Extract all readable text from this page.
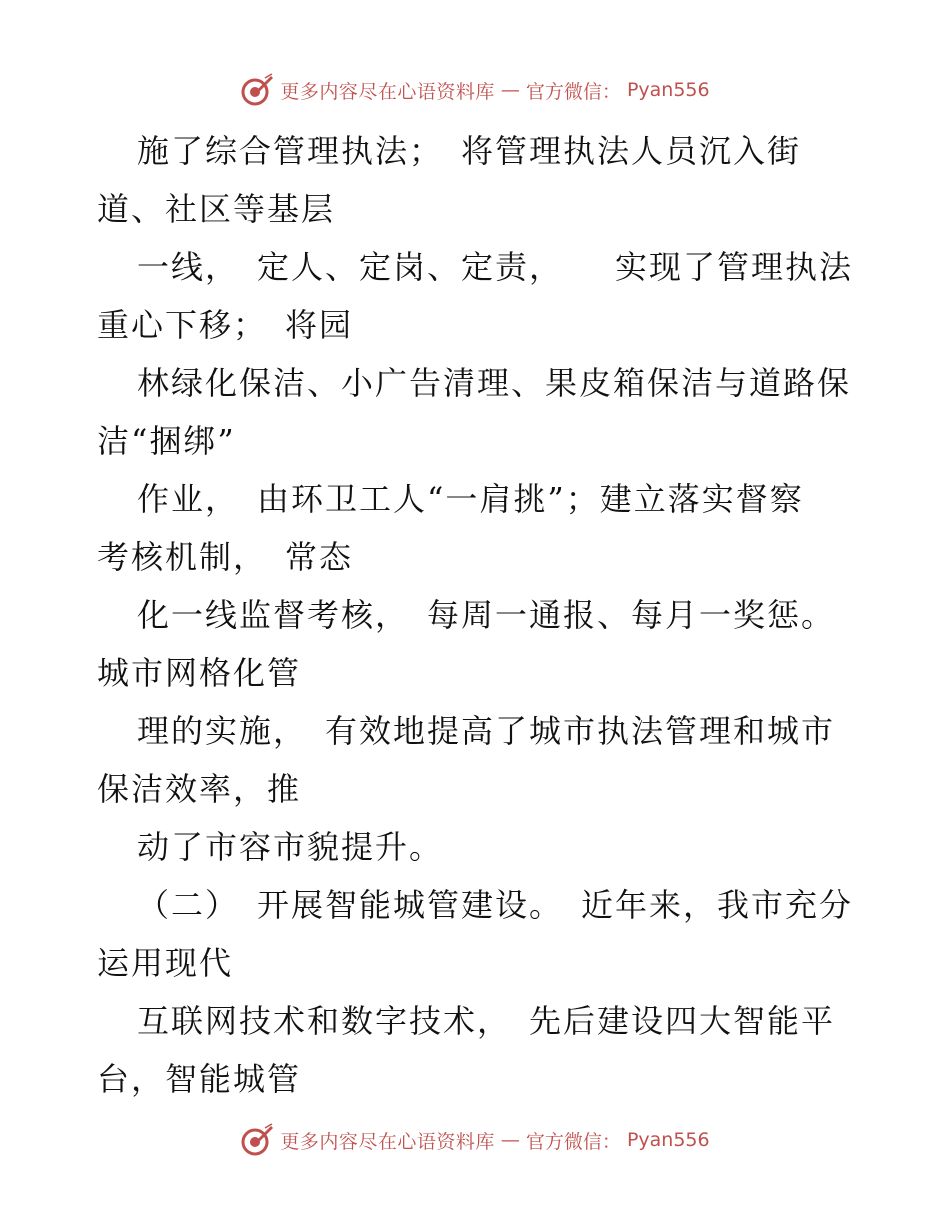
更多内容尽在心语资料库 — 官方微信： Pyan556
施了综合管理执法；　将管理执法人员沉入街
道、社区等基层
一线，　定人、定岗、定责，　　实现了管理执法
重心下移；　将园
林绿化保洁、小广告清理、果皮箱保洁与道路保
洁“捆绑”
作业，　由环卫工人“一肩挑”；建立落实督察
考核机制，　常态
化一线监督考核，　每周一通报、每月一奖惩。
城市网格化管
理的实施，　有效地提高了城市执法管理和城市
保洁效率，推
动了市容市貌提升。
（二）　开展智能城管建设。　近年来，我市充分
运用现代
互联网技术和数字技术，　先后建设四大智能平
台，智能城管
更多内容尽在心语资料库 — 官方微信： Pyan556
